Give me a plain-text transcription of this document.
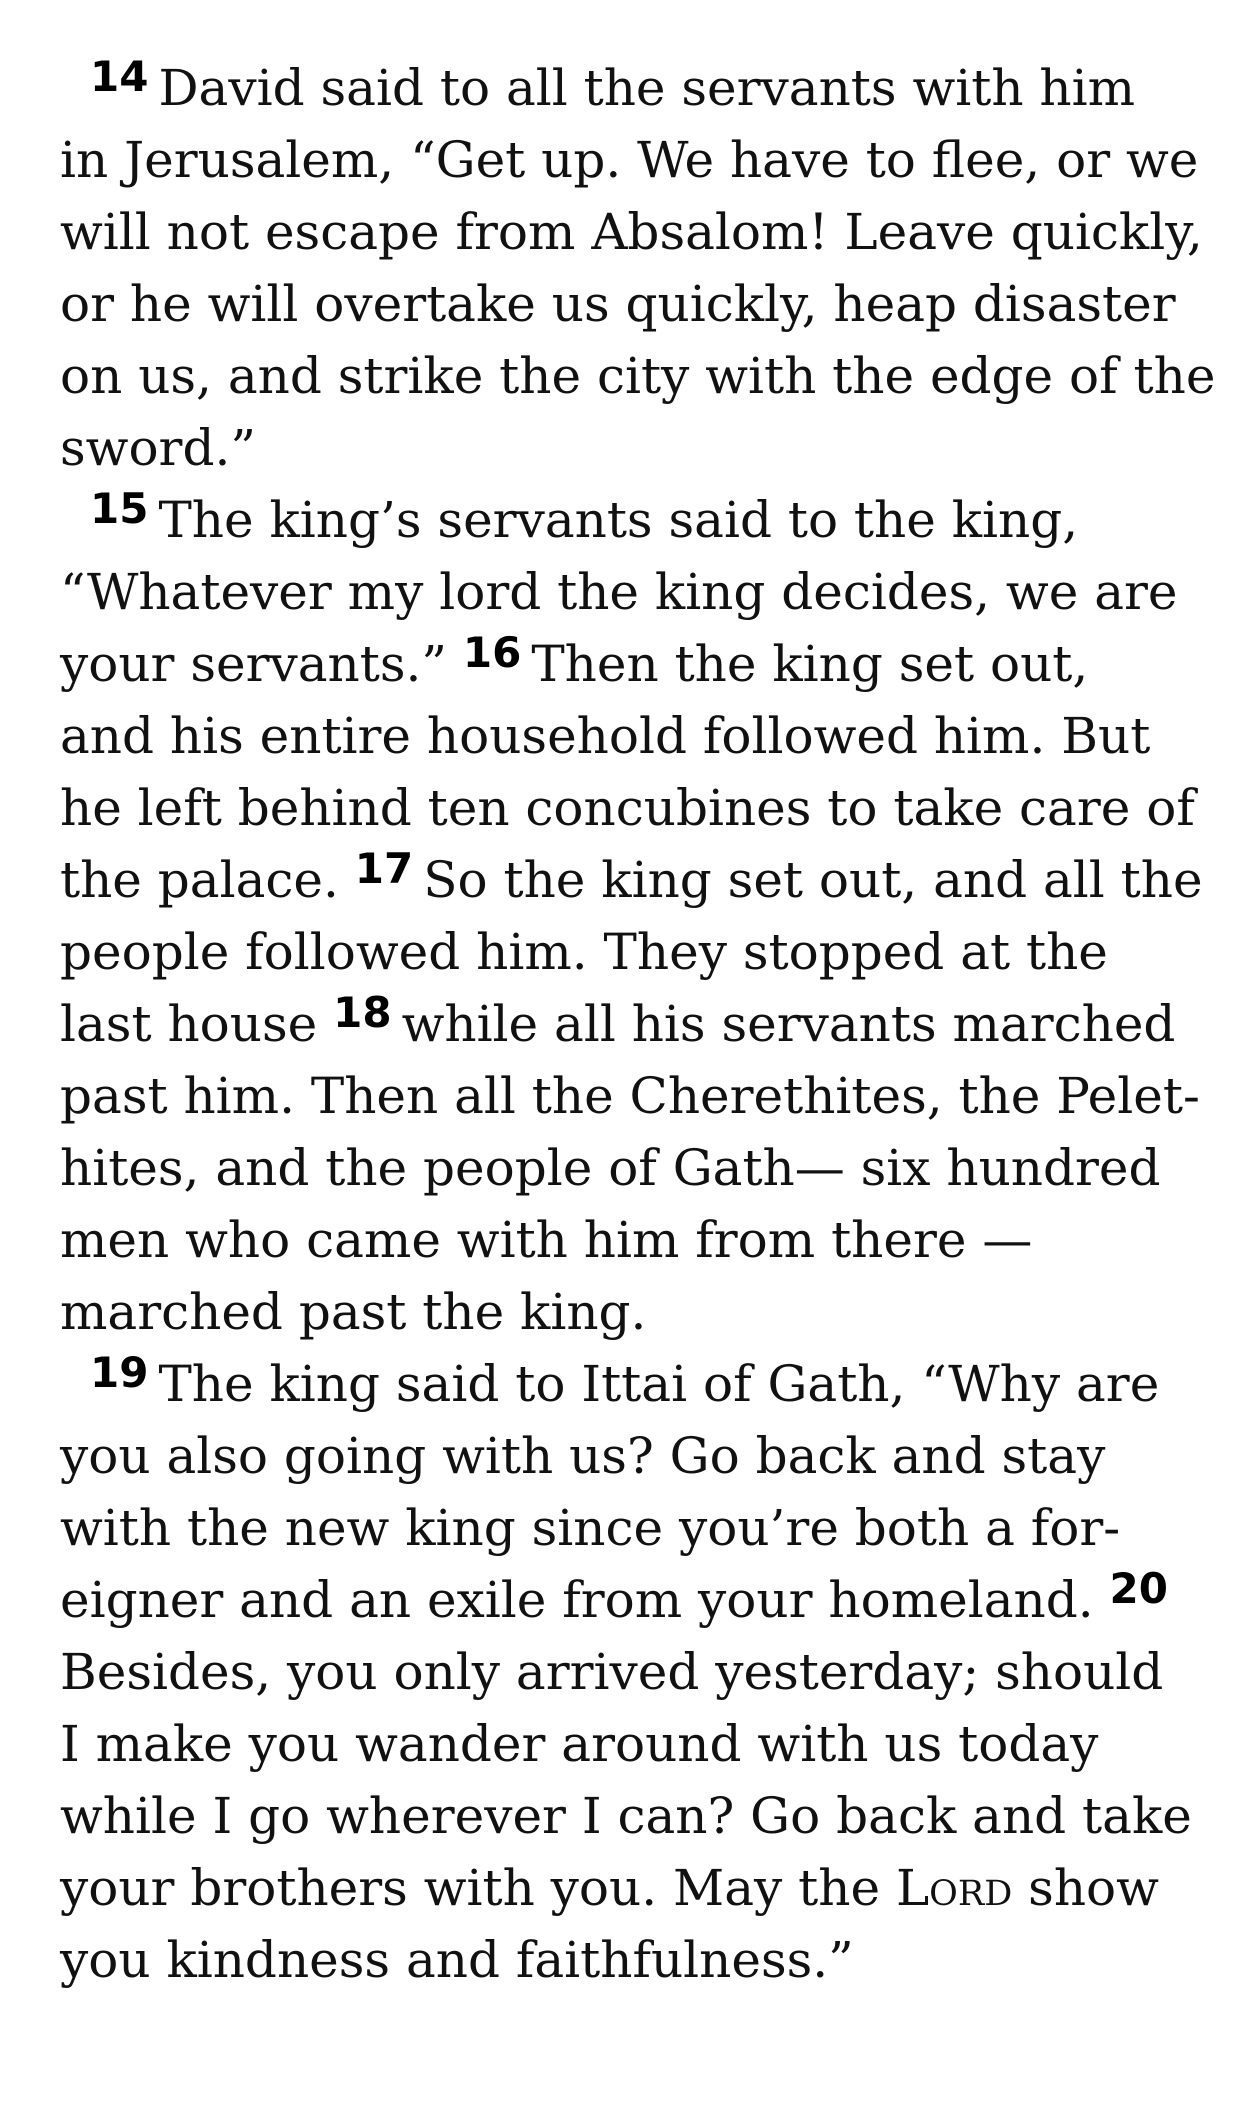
$^{14}$ David said to all the servants with him
in Jerusalem, “Get up. We have to flee, or we
will not escape from Absalom! Leave quickly,
or he will overtake us quickly, heap disaster
on us, and strike the city with the edge of the
sword.”
$^{15}$ The king’s servants said to the king,
“Whatever my lord the king decides, we are
your servants.” $^{16}$ Then the king set out,
and his entire household followed him. But
he left behind ten concubines to take care of
the palace. $^{17}$ So the king set out, and all the
people followed him. They stopped at the
last house $^{18}$ while all his servants marched
past him. Then all the Cherethites, the Pelet-
hites, and the people of Gath— six hundred
men who came with him from there —
marched past the king.
$^{19}$ The king said to Ittai of Gath, “Why are
you also going with us? Go back and stay
with the new king since you’re both a for-
eigner and an exile from your homeland. $^{20}$
Besides, you only arrived yesterday; should
I make you wander around with us today
while I go wherever I can? Go back and take
your brothers with you. May the Lord show
you kindness and faithfulness.”
